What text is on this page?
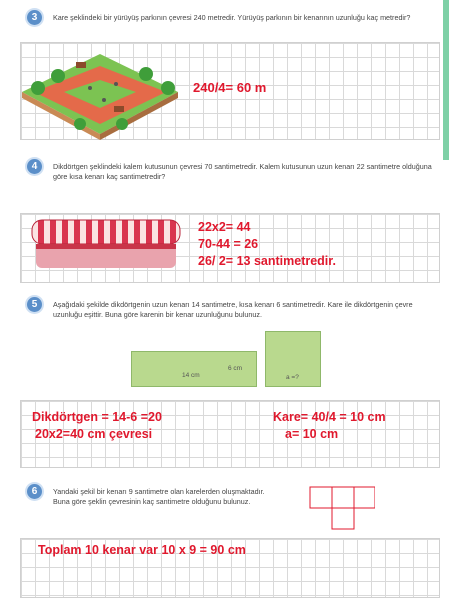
3	Kare şeklindeki bir yürüyüş parkının çevresi 240 metredir. Yürüyüş parkının bir kenarının uzunluğu kaç metredir?
240/4= 60 m
4	Dikdörtgen şeklindeki kalem kutusunun çevresi 70 santimetredir. Kalem kutusunun uzun kenarı 22 santimetre olduğuna göre kısa kenarı kaç santimetredir?
22x2= 44
70-44 = 26
26/ 2= 13 santimetredir.
5	Aşağıdaki şekilde dikdörtgenin uzun kenarı 14 santimetre, kısa kenarı 6 santimetredir. Kare ile dikdörtgenin çevre uzunluğu eşittir. Buna göre karenin bir kenar uzunluğunu bulunuz.
14 cm
6 cm
a =?
Dikdörtgen = 14-6 =20
20x2=40 cm çevresi
Kare= 40/4 = 10 cm
a= 10 cm
6	Yandaki şekil bir kenarı 9 santimetre olan karelerden oluşmaktadır. Buna göre şeklin çevresinin kaç santimetre olduğunu bulunuz.
Toplam 10 kenar var 10 x 9 = 90 cm
